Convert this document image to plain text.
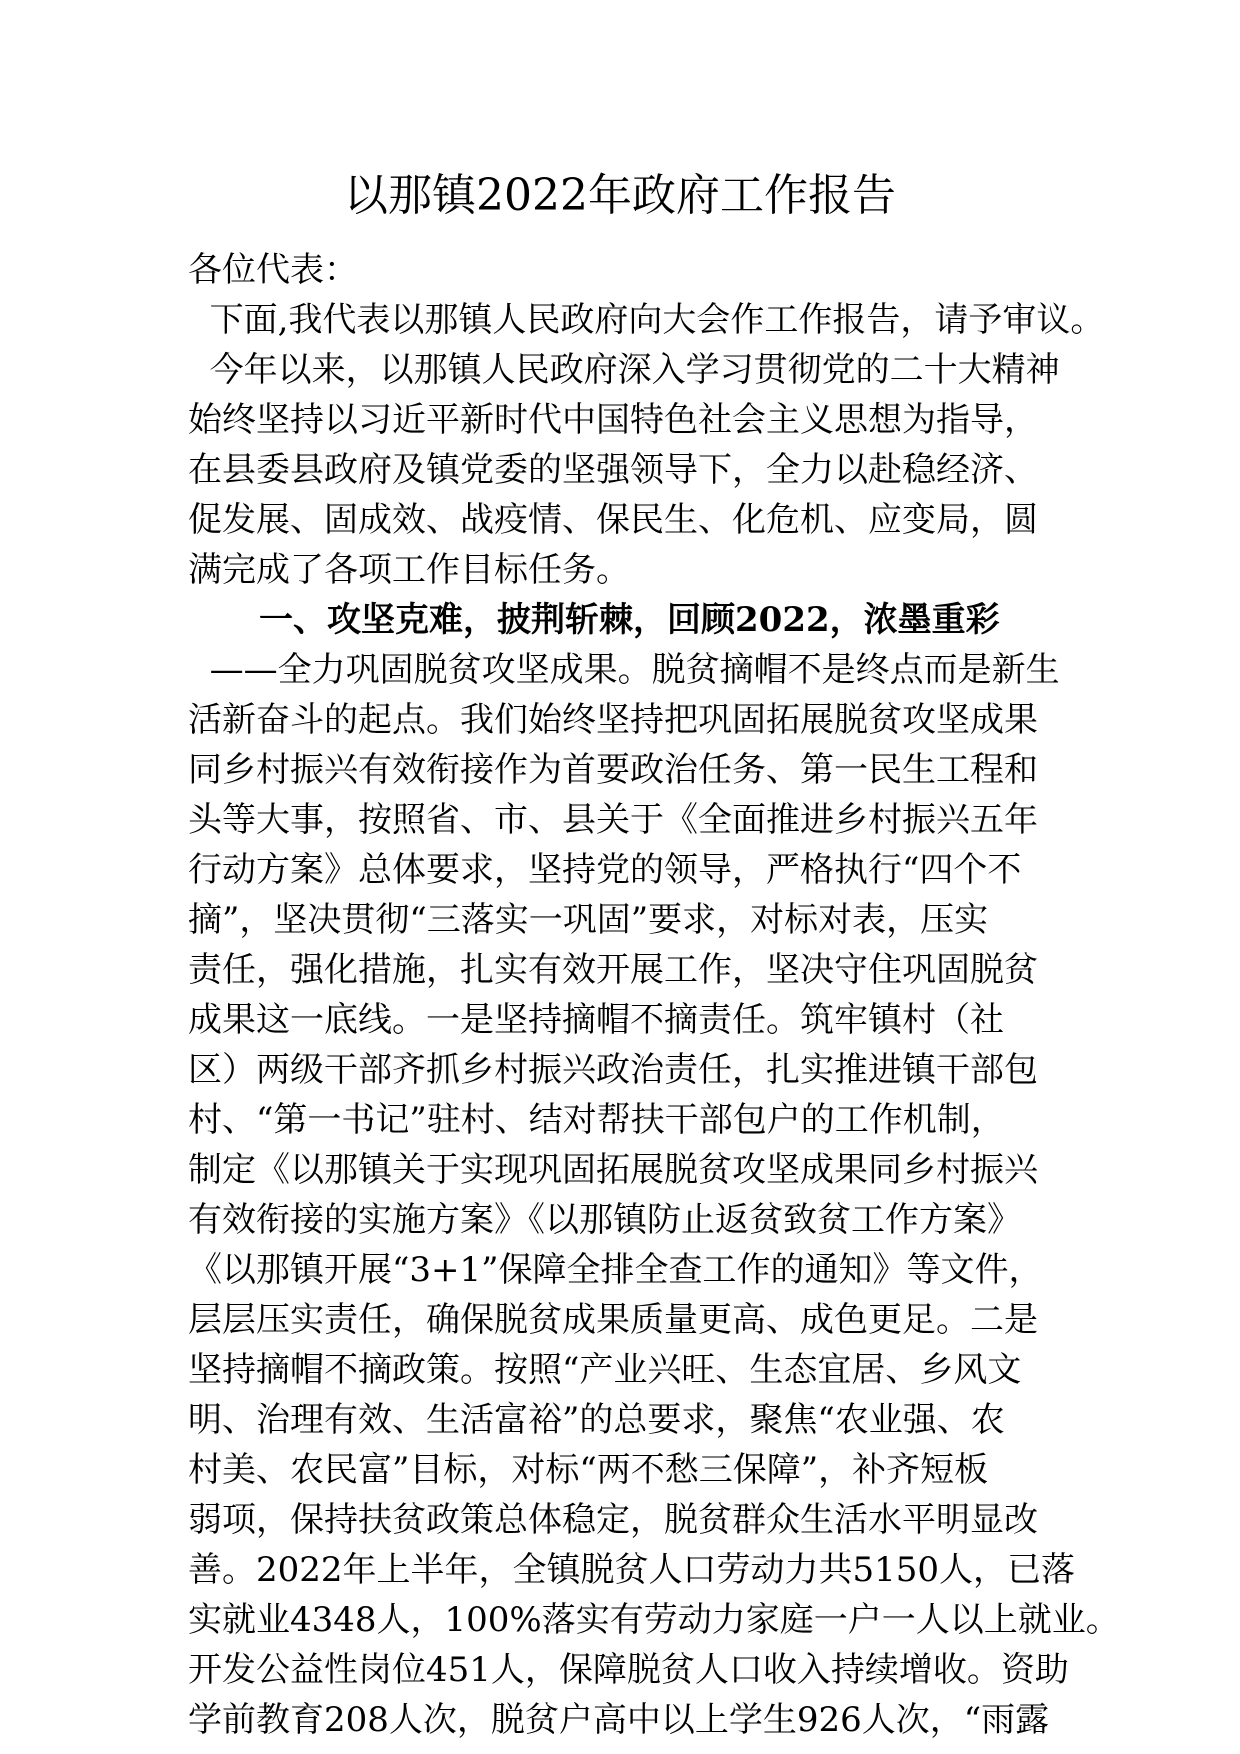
以那镇2022年政府工作报告
各位代表：
下面,我代表以那镇人民政府向大会作工作报告，请予审议。
今年以来，以那镇人民政府深入学习贯彻党的二十大精神
始终坚持以习近平新时代中国特色社会主义思想为指导，
在县委县政府及镇党委的坚强领导下，全力以赴稳经济、
促发展、固成效、战疫情、保民生、化危机、应变局，圆
满完成了各项工作目标任务。
一、攻坚克难，披荆斩棘，回顾2022，浓墨重彩
——全力巩固脱贫攻坚成果。脱贫摘帽不是终点而是新生
活新奋斗的起点。我们始终坚持把巩固拓展脱贫攻坚成果
同乡村振兴有效衔接作为首要政治任务、第一民生工程和
头等大事，按照省、市、县关于《全面推进乡村振兴五年
行动方案》总体要求，坚持党的领导，严格执行“四个不
摘”，坚决贯彻“三落实一巩固”要求，对标对表，压实
责任，强化措施，扎实有效开展工作，坚决守住巩固脱贫
成果这一底线。一是坚持摘帽不摘责任。筑牢镇村（社
区）两级干部齐抓乡村振兴政治责任，扎实推进镇干部包
村、“第一书记”驻村、结对帮扶干部包户的工作机制，
制定《以那镇关于实现巩固拓展脱贫攻坚成果同乡村振兴
有效衔接的实施方案》《以那镇防止返贫致贫工作方案》
《以那镇开展“3+1”保障全排全查工作的通知》等文件，
层层压实责任，确保脱贫成果质量更高、成色更足。二是
坚持摘帽不摘政策。按照“产业兴旺、生态宜居、乡风文
明、治理有效、生活富裕”的总要求，聚焦“农业强、农
村美、农民富”目标，对标“两不愁三保障”，补齐短板
弱项，保持扶贫政策总体稳定，脱贫群众生活水平明显改
善。2022年上半年，全镇脱贫人口劳动力共5150人，已落
实就业4348人，100%落实有劳动力家庭一户一人以上就业。
开发公益性岗位451人，保障脱贫人口收入持续增收。资助
学前教育208人次，脱贫户高中以上学生926人次，“雨露
